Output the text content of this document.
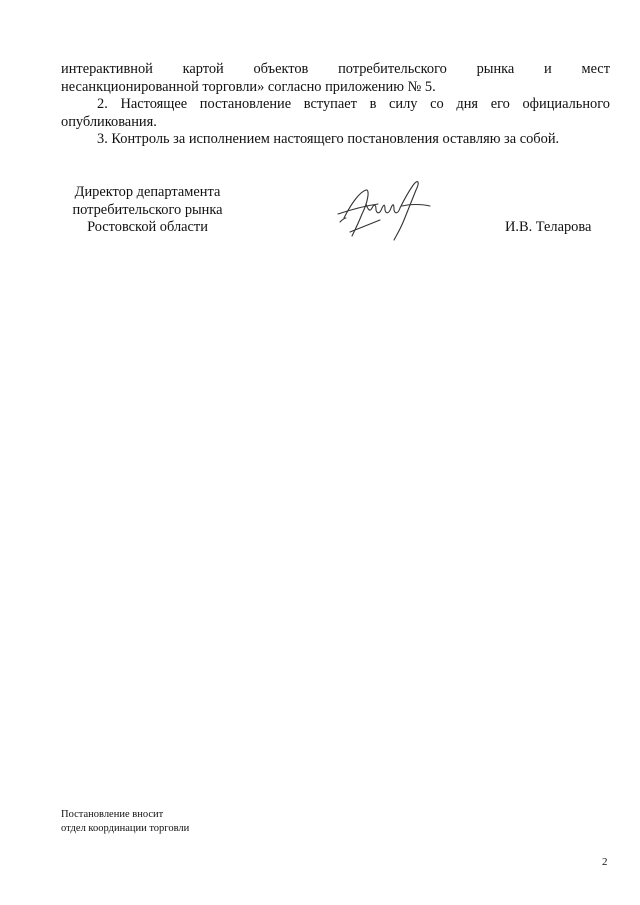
интерактивной картой объектов потребительского рынка и мест
несанкционированной торговли» согласно приложению № 5.

2. Настоящее постановление вступает в силу со дня его официального
опубликования.

3. Контроль за исполнением настоящего постановления оставляю за собой.

Директор департамента
потребительского рынка
Ростовской области	И.В. Теларова
Постановление вносит
отдел координации торговли
2
